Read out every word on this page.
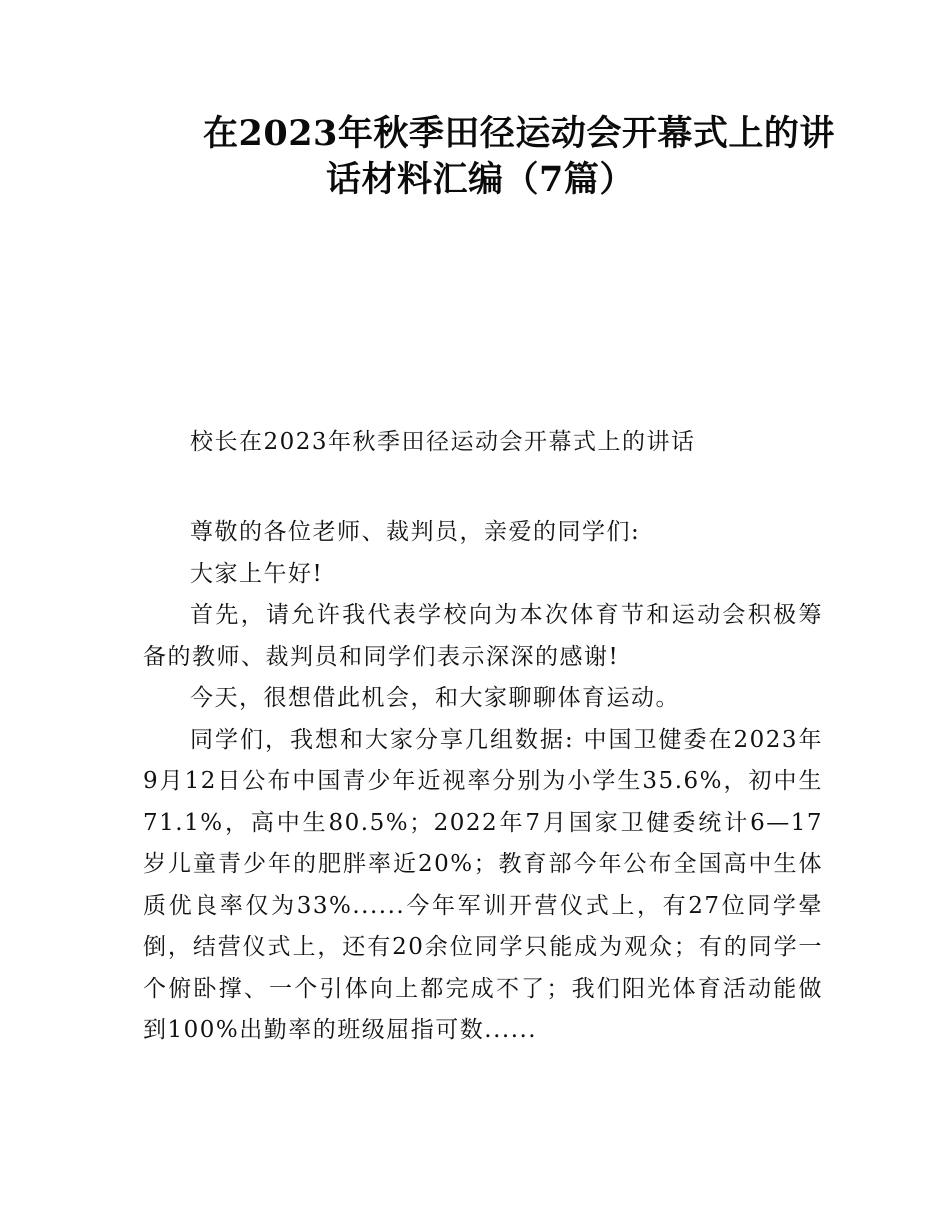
在2023年秋季田径运动会开幕式上的讲
话材料汇编（7篇）

校长在2023年秋季田径运动会开幕式上的讲话

尊敬的各位老师、裁判员，亲爱的同学们:

大家上午好!

首先，请允许我代表学校向为本次体育节和运动会积极筹备的教师、裁判员和同学们表示深深的感谢!

今天，很想借此机会，和大家聊聊体育运动。

同学们，我想和大家分享几组数据: 中国卫健委在2023年9月12日公布中国青少年近视率分别为小学生35.6%，初中生71.1%，高中生80.5%；2022年7月国家卫健委统计6—17岁儿童青少年的肥胖率近20%；教育部今年公布全国高中生体质优良率仅为33%......今年军训开营仪式上，有27位同学晕倒，结营仪式上，还有20余位同学只能成为观众；有的同学一个俯卧撑、一个引体向上都完成不了；我们阳光体育活动能做到100%出勤率的班级屈指可数......
